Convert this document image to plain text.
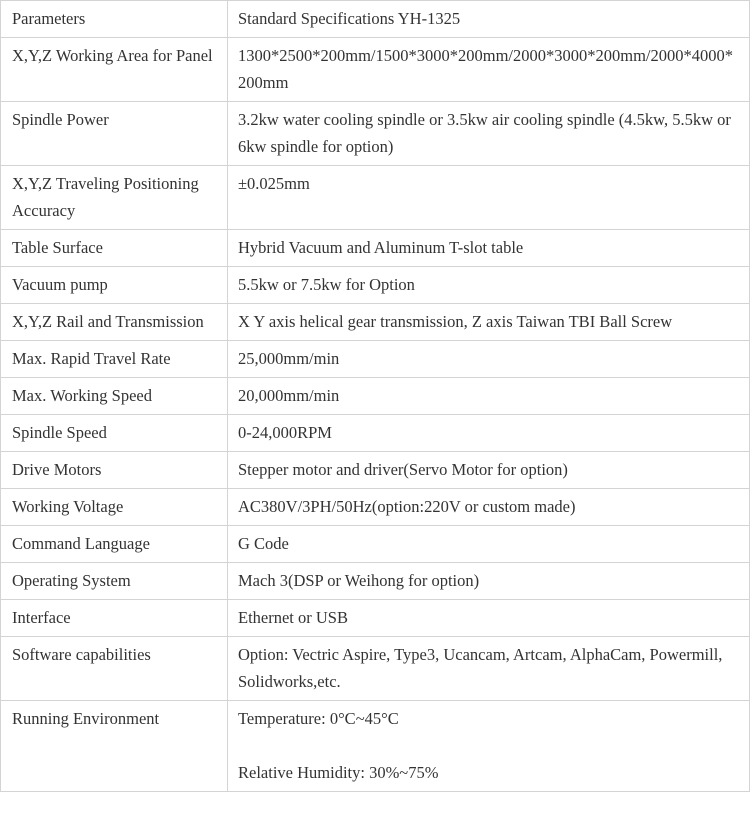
Parameters	Standard Specifications YH-1325
X,Y,Z Working Area for Panel	1300*2500*200mm/1500*3000*200mm/2000*3000*200mm/2000*4000*200mm
Spindle Power	3.2kw water cooling spindle or 3.5kw air cooling spindle (4.5kw, 5.5kw or 6kw spindle for option)
X,Y,Z Traveling Positioning Accuracy	±0.025mm
Table Surface	Hybrid Vacuum and Aluminum T-slot table
Vacuum pump	5.5kw or 7.5kw for Option
X,Y,Z Rail and Transmission	X Y axis helical gear transmission, Z axis Taiwan TBI Ball Screw
Max. Rapid Travel Rate	25,000mm/min
Max. Working Speed	20,000mm/min
Spindle Speed	0-24,000RPM
Drive Motors	Stepper motor and driver(Servo Motor for option)
Working Voltage	AC380V/3PH/50Hz(option:220V or custom made)
Command Language	G Code
Operating System	Mach 3(DSP or Weihong for option)
Interface	Ethernet or USB
Software capabilities	Option: Vectric Aspire, Type3, Ucancam, Artcam, AlphaCam, Powermill, Solidworks,etc.
Running Environment	Temperature: 0°C~45°C
Relative Humidity: 30%~75%
